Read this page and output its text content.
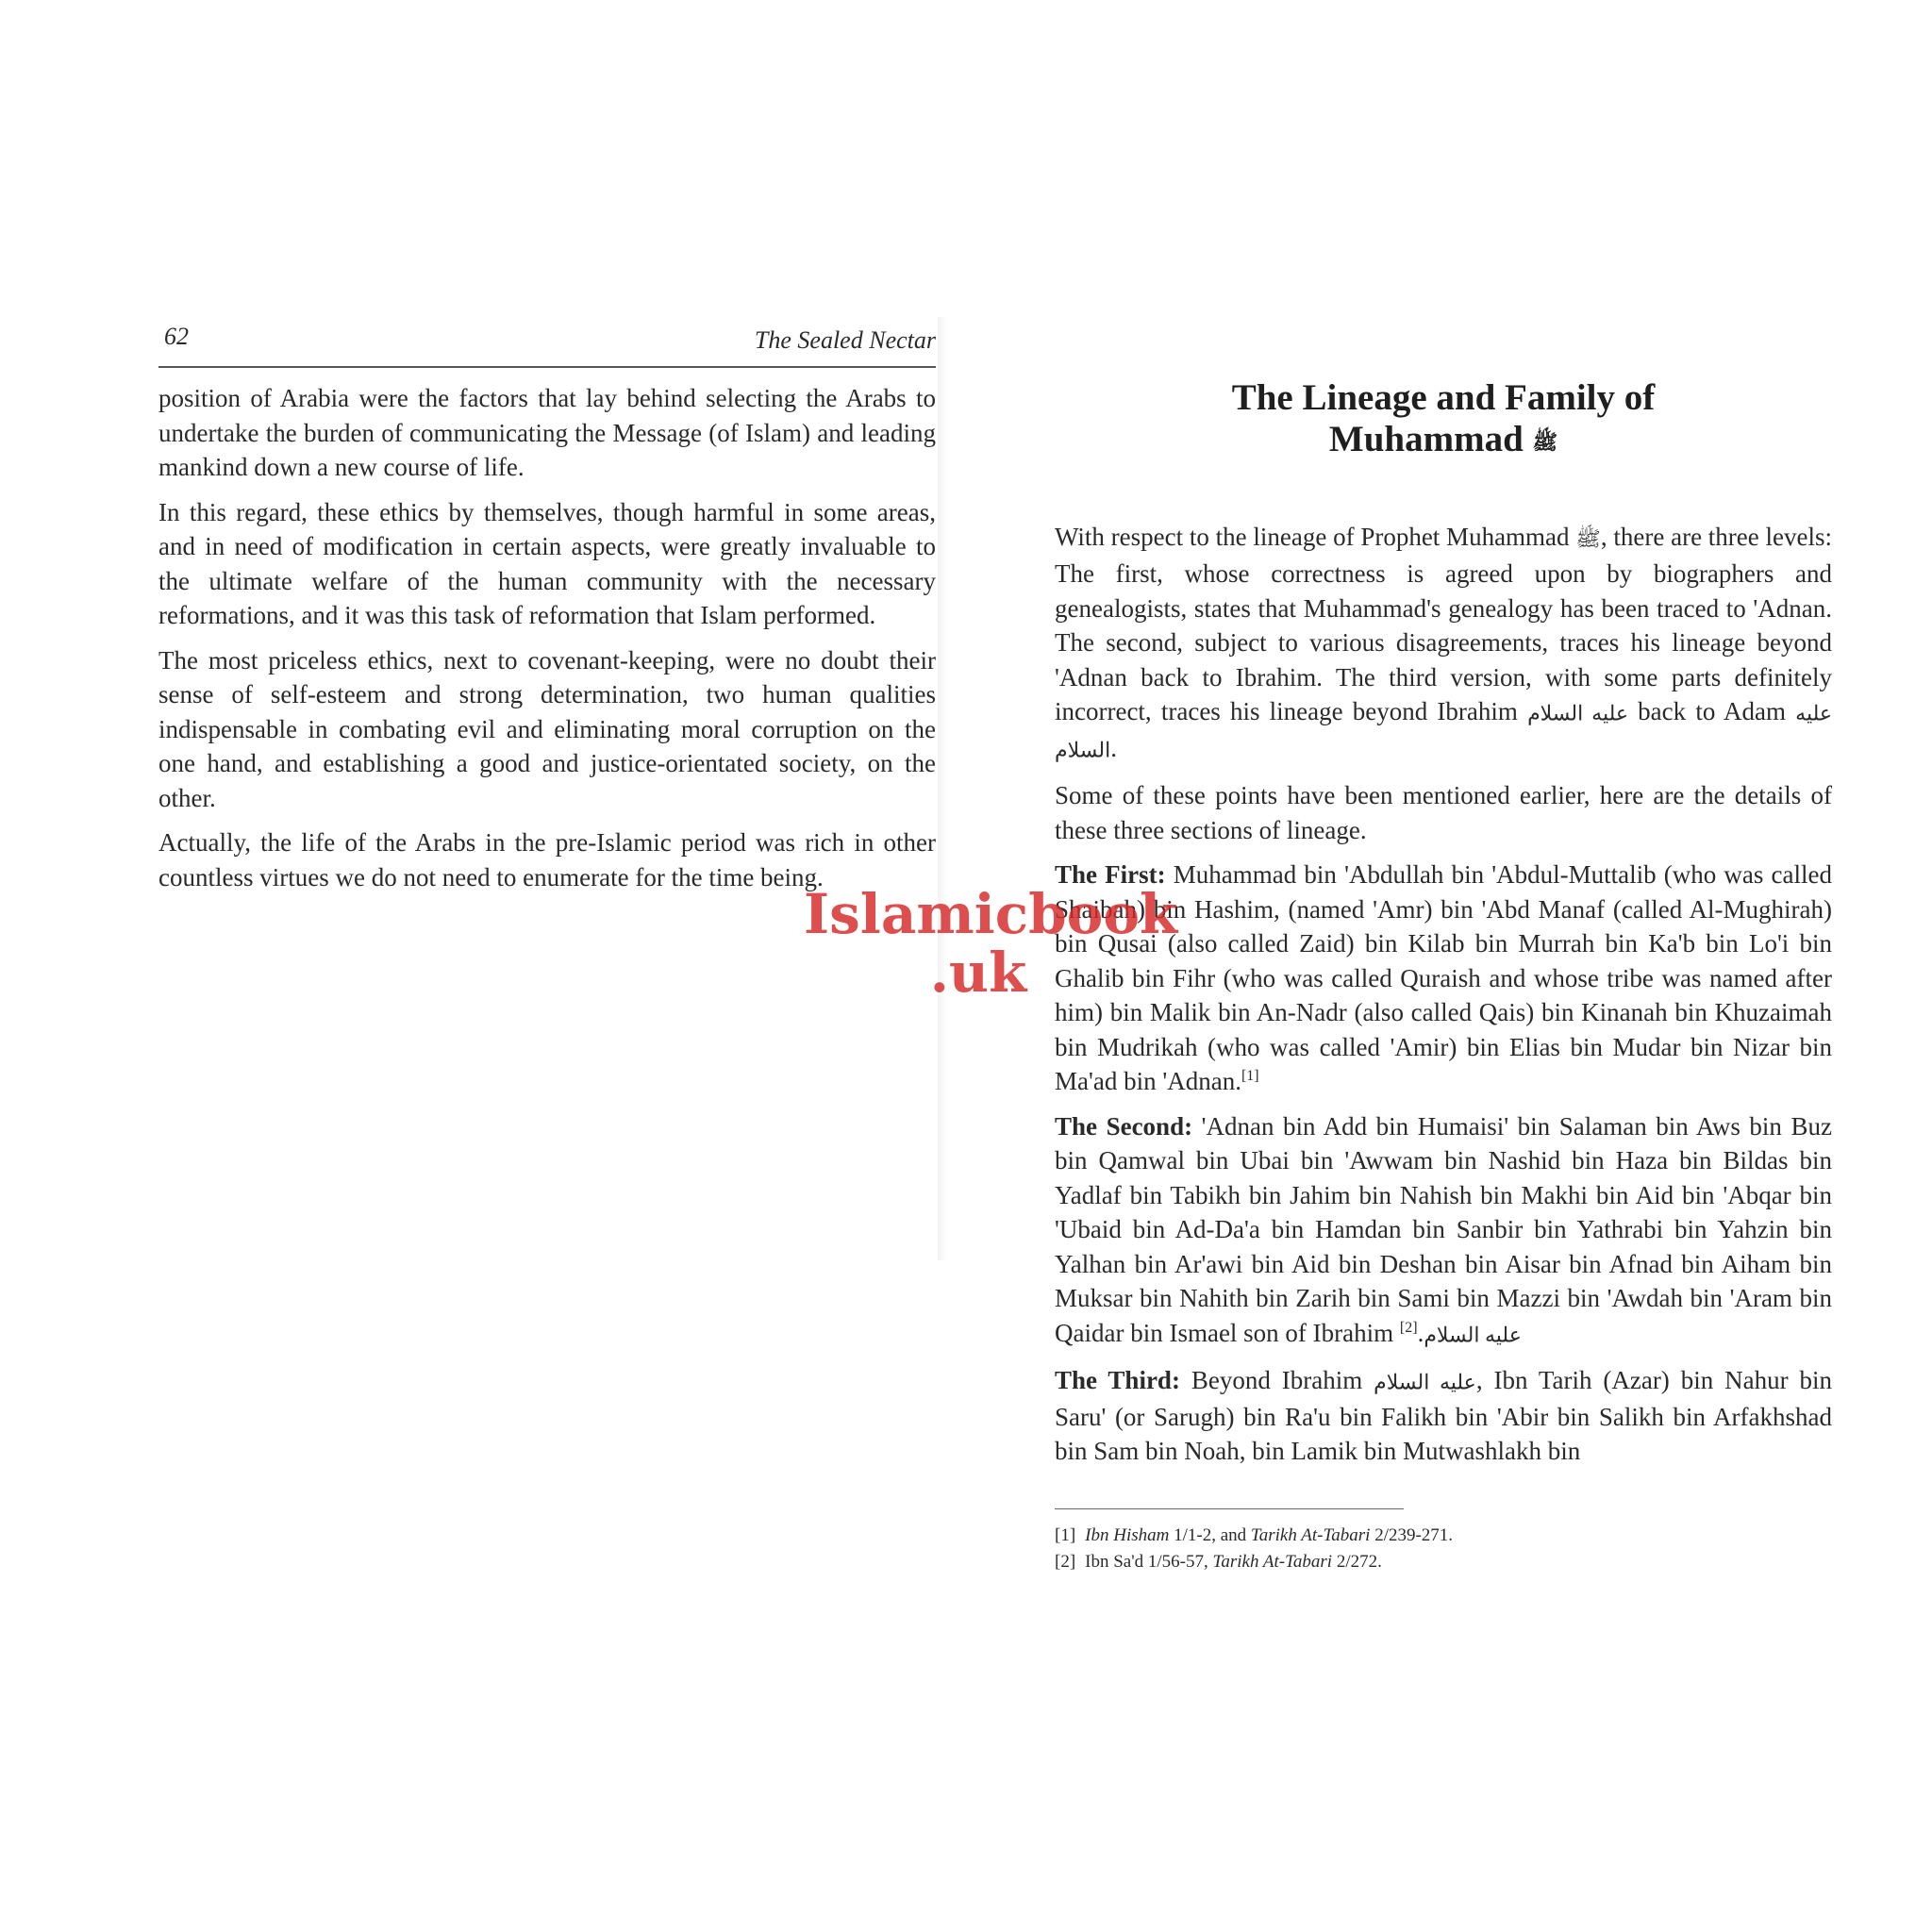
62	The Sealed Nectar

position of Arabia were the factors that lay behind selecting the Arabs to undertake the burden of communicating the Message (of Islam) and leading mankind down a new course of life.

In this regard, these ethics by themselves, though harmful in some areas, and in need of modification in certain aspects, were greatly invaluable to the ultimate welfare of the human community with the necessary reformations, and it was this task of reformation that Islam performed.

The most priceless ethics, next to covenant-keeping, were no doubt their sense of self-esteem and strong determination, two human qualities indispensable in combating evil and eliminating moral corruption on the one hand, and establishing a good and justice-orientated society, on the other.

Actually, the life of the Arabs in the pre-Islamic period was rich in other countless virtues we do not need to enumerate for the time being.

The Lineage and Family of
Muhammad ﷺ

With respect to the lineage of Prophet Muhammad ﷺ, there are three levels: The first, whose correctness is agreed upon by biographers and genealogists, states that Muhammad's genealogy has been traced to 'Adnan. The second, subject to various disagreements, traces his lineage beyond 'Adnan back to Ibrahim. The third version, with some parts definitely incorrect, traces his lineage beyond Ibrahim عليه السلام back to Adam عليه السلام.

Some of these points have been mentioned earlier, here are the details of these three sections of lineage.

The First: Muhammad bin 'Abdullah bin 'Abdul-Muttalib (who was called Shaibah) bin Hashim, (named 'Amr) bin 'Abd Manaf (called Al-Mughirah) bin Qusai (also called Zaid) bin Kilab bin Murrah bin Ka'b bin Lo'i bin Ghalib bin Fihr (who was called Quraish and whose tribe was named after him) bin Malik bin An-Nadr (also called Qais) bin Kinanah bin Khuzaimah bin Mudrikah (who was called 'Amir) bin Elias bin Mudar bin Nizar bin Ma'ad bin 'Adnan.[1]

The Second: 'Adnan bin Add bin Humaisi' bin Salaman bin Aws bin Buz bin Qamwal bin Ubai bin 'Awwam bin Nashid bin Haza bin Bildas bin Yadlaf bin Tabikh bin Jahim bin Nahish bin Makhi bin Aid bin 'Abqar bin 'Ubaid bin Ad-Da'a bin Hamdan bin Sanbir bin Yathrabi bin Yahzin bin Yalhan bin Ar'awi bin Aid bin Deshan bin Aisar bin Afnad bin Aiham bin Muksar bin Nahith bin Zarih bin Sami bin Mazzi bin 'Awdah bin 'Aram bin Qaidar bin Ismael son of Ibrahim عليه السلام.[2]

The Third: Beyond Ibrahim عليه السلام, Ibn Tarih (Azar) bin Nahur bin Saru' (or Sarugh) bin Ra'u bin Falikh bin 'Abir bin Salikh bin Arfakhshad bin Sam bin Noah, bin Lamik bin Mutwashlakh bin

[1] Ibn Hisham 1/1-2, and Tarikh At-Tabari 2/239-271.

[2] Ibn Sa'd 1/56-57, Tarikh At-Tabari 2/272.

Islamicbook
.uk
